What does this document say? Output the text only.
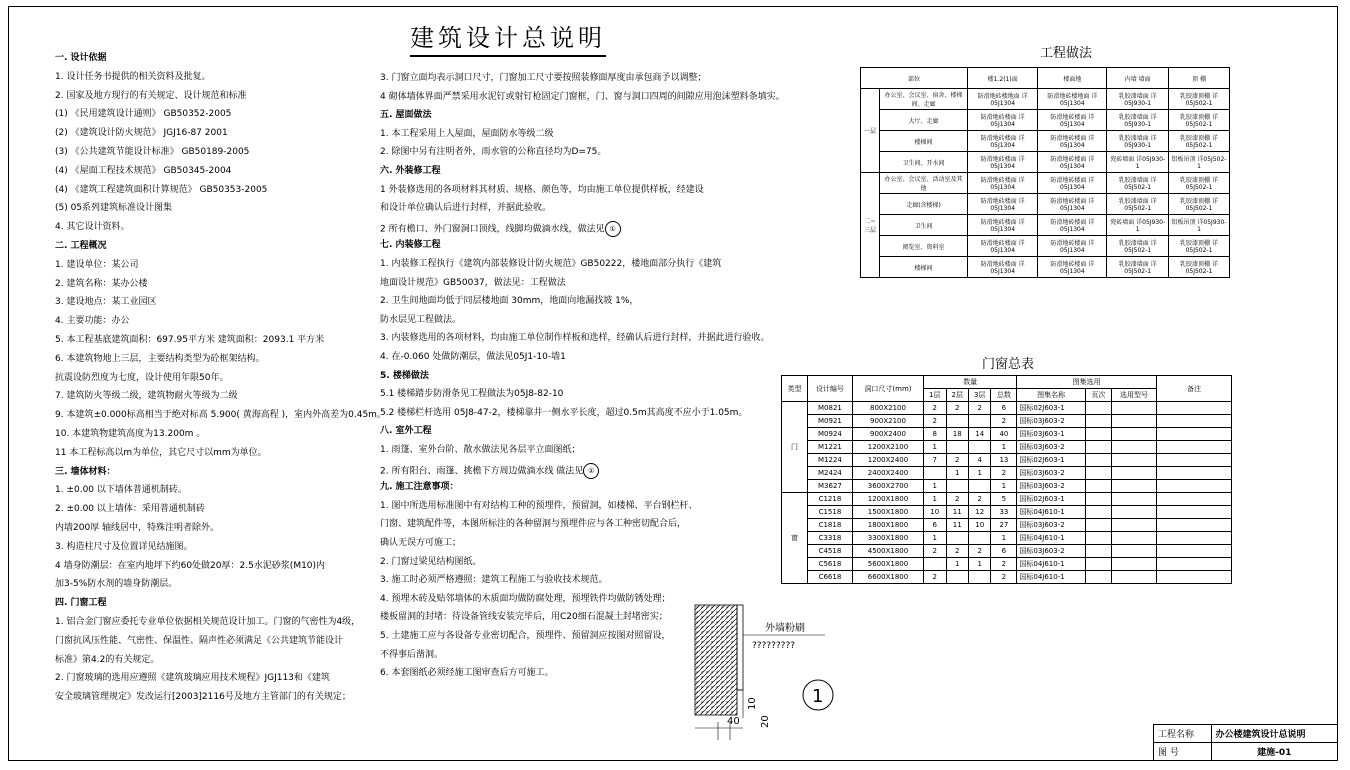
建筑设计总说明
一. 设计依据
1. 设计任务书提供的相关资料及批复。
2. 国家及地方现行的有关规定、设计规范和标准
(1) 《民用建筑设计通则》 GB50352-2005
(2) 《建筑设计防火规范》 JGJ16-87 2001
(3) 《公共建筑节能设计标准》 GB50189-2005
(4) 《屋面工程技术规范》 GB50345-2004
(4) 《建筑工程建筑面积计算规范》 GB50353-2005
(5) 05系列建筑标准设计图集
4. 其它设计资料。
二. 工程概况
1. 建设单位：某公司
2. 建筑名称：某办公楼
3. 建设地点：某工业园区
4. 主要功能：办公
5. 本工程基底建筑面积：697.95平方米 建筑面积：2093.1 平方米
6. 本建筑物地上三层，主要结构类型为砼框架结构。
抗震设防烈度为七度，设计使用年限50年。
7. 建筑防火等级二级，建筑物耐火等级为二级
9. 本建筑±0.000标高相当于绝对标高 5.900( 黄海高程 )，室内外高差为0.45m。
10. 本建筑物建筑高度为13.200m 。
11 本工程标高以m为单位，其它尺寸以mm为单位。
三. 墙体材料：
1. ±0.00 以下墙体普通机制砖。
2. ±0.00 以上墙体：采用普通机制砖
内墙200厚 轴线居中，特殊注明者除外。
3. 构造柱尺寸及位置详见结施图。
4 墙身防潮层：在室内地坪下约60处做20厚：2.5水泥砂浆(M10)内
加3-5%防水剂的墙身防潮层。
四. 门窗工程
1. 铝合金门窗应委托专业单位依据相关规范设计加工。门窗的气密性为4级，
门窗抗风压性能、气密性、保温性、隔声性必须满足《公共建筑节能设计
标准》第4.2的有关规定。
2. 门窗玻璃的选用应遵照《建筑玻璃应用技术规程》JGJ113和《建筑
安全玻璃管理规定》发改运行[2003]2116号及地方主管部门的有关规定；
3. 门窗立面均表示洞口尺寸，门窗加工尺寸要按照装修面厚度由承包商予以调整；
4 砌体墙体界面严禁采用水泥钉或射钉枪固定门窗框，门、窗与洞口四周的间隙应用泡沫塑料条填实。
五. 屋面做法
1. 本工程采用上人屋面，屋面防水等级二级
2. 除图中另有注明者外，雨水管的公称直径均为D=75。
六. 外装修工程
1 外装修选用的各项材料其材质、规格、颜色等，均由施工单位提供样板，经建设
和设计单位确认后进行封样，并据此验收。
2 所有檐口、外门窗洞口顶线，线脚均做滴水线，做法见 ①
七. 内装修工程
1. 内装修工程执行《建筑内部装修设计防火规范》GB50222，楼地面部分执行《建筑
地面设计规范》GB50037，做法见：工程做法
2. 卫生间地面均低于同层楼地面 30mm，地面向地漏找坡 1%，
防水层见工程做法。
3. 内装修选用的各项材料，均由施工单位制作样板和选样，经确认后进行封样，并据此进行验收。
4. 在-0.060 处做防潮层，做法见05J1-10-墙1
5. 楼梯做法
5.1 楼梯踏步防滑条见工程做法为05J8-82-10
5.2 楼梯栏杆选用 05J8-47-2，楼梯靠井一侧水平长度，超过0.5m其高度不应小于1.05m。
八. 室外工程
1. 雨篷、室外台阶、散水做法见各层平立面图纸；
2. 所有阳台、雨篷、挑檐下方周边做滴水线 做法见 ①
九. 施工注意事项：
1. 图中所选用标准图中有对结构工种的预埋件，预留洞，如楼梯、平台钢栏杆、
门窗、建筑配件等，本图所标注的各种留洞与预埋件应与各工种密切配合后，
确认无误方可施工；
2. 门窗过梁见结构图纸。
3. 施工时必须严格遵照：建筑工程施工与验收技术规范。
4. 预埋木砖及贴邻墙体的木质面均做防腐处理，预埋铁件均做防锈处理；
楼板留洞的封堵：待设备管线安装完毕后，用C20细石混凝土封堵密实；
5. 土建施工应与各设备专业密切配合，预埋件、预留洞应按图对照留设，
不得事后凿洞。
6. 本套图纸必须经施工图审查后方可施工。
工程做法
部位		楼1.2(1)面	楼面地	内墙 墙面	顶 棚
一层	办公室、会议室、宿舍、楼梯间、走廊	防滑地砖楼地面 详05J1304	防滑地砖楼地面 详05J1304	乳胶漆墙面 详05J930-1	乳胶漆顶棚 详05J502-1
	大厅、走廊	防滑地砖楼面 详05J1304	防滑地砖楼面 详05J1304	乳胶漆墙面 详05J930-1	乳胶漆顶棚 详05J502-1
	楼梯间	防滑地砖楼面 详05J1304	防滑地砖楼面 详05J1304	乳胶漆墙面 详05J930-1	乳胶漆顶棚 详05J502-1
	卫生间、开水间	防滑地砖楼面 详05J1304	防滑地砖楼面 详05J1304	瓷砖墙面 详05J930-1	铝板吊顶 详05J502-1
二~三层	办公室、会议室、活动室及其他	防滑地砖楼面 详05J1304	防滑地砖楼面 详05J1304	乳胶漆墙面 详05J502-1	乳胶漆顶棚 详05J502-1
	走廊(含楼梯)	防滑地砖楼面 详05J1304	防滑地砖楼面 详05J1304	乳胶漆墙面 详05J502-1	乳胶漆顶棚 详05J502-1
	卫生间	防滑地砖楼面 详05J1304	防滑地砖楼面 详05J1304	瓷砖墙面 详05J930-1	铝板吊顶 详05J930-1
	阅览室、资料室	防滑地砖楼面 详05J1304	防滑地砖楼面 详05J1304	乳胶漆墙面 详05J502-1	乳胶漆顶棚 详05J502-1
	楼梯间	防滑地砖楼面 详05J1304	防滑地砖楼面 详05J1304	乳胶漆墙面 详05J502-1	乳胶漆顶棚 详05J502-1
门窗总表
类型	设计编号	洞口尺寸(mm)	数量				图集选用			备注
			1层	2层	3层	总数	图集名称	页次	选用型号	
门	M0821	800X2100	2	2	2	6	国标02J603-1			
	M0921	900X2100	2			2	国标03J603-2			
	M0924	900X2400	8	18	14	40	国标03J603-1			
	M1221	1200X2100	1			1	国标03J603-2			
	M1224	1200X2400	7	2	4	13	国标02J603-1			
	M2424	2400X2400		1	1	2	国标03J603-2			
	M3627	3600X2700	1			1	国标03J603-2			
窗	C1218	1200X1800	1	2	2	5	国标02J603-1			
	C1518	1500X1800	10	11	12	33	国标04J610-1			
	C1818	1800X1800	6	11	10	27	国标03J603-2			
	C3318	3300X1800	1			1	国标04J610-1			
	C4518	4500X1800	2	2	2	6	国标03J603-2			
	C5618	5600X1800		1	1	2	国标04J610-1			
	C6618	6600X1800	2			2	国标04J610-1			
外墙粉刷
?????????
40
10
20
1
工程名称	办公楼建筑设计总说明
图 号	建施-01
